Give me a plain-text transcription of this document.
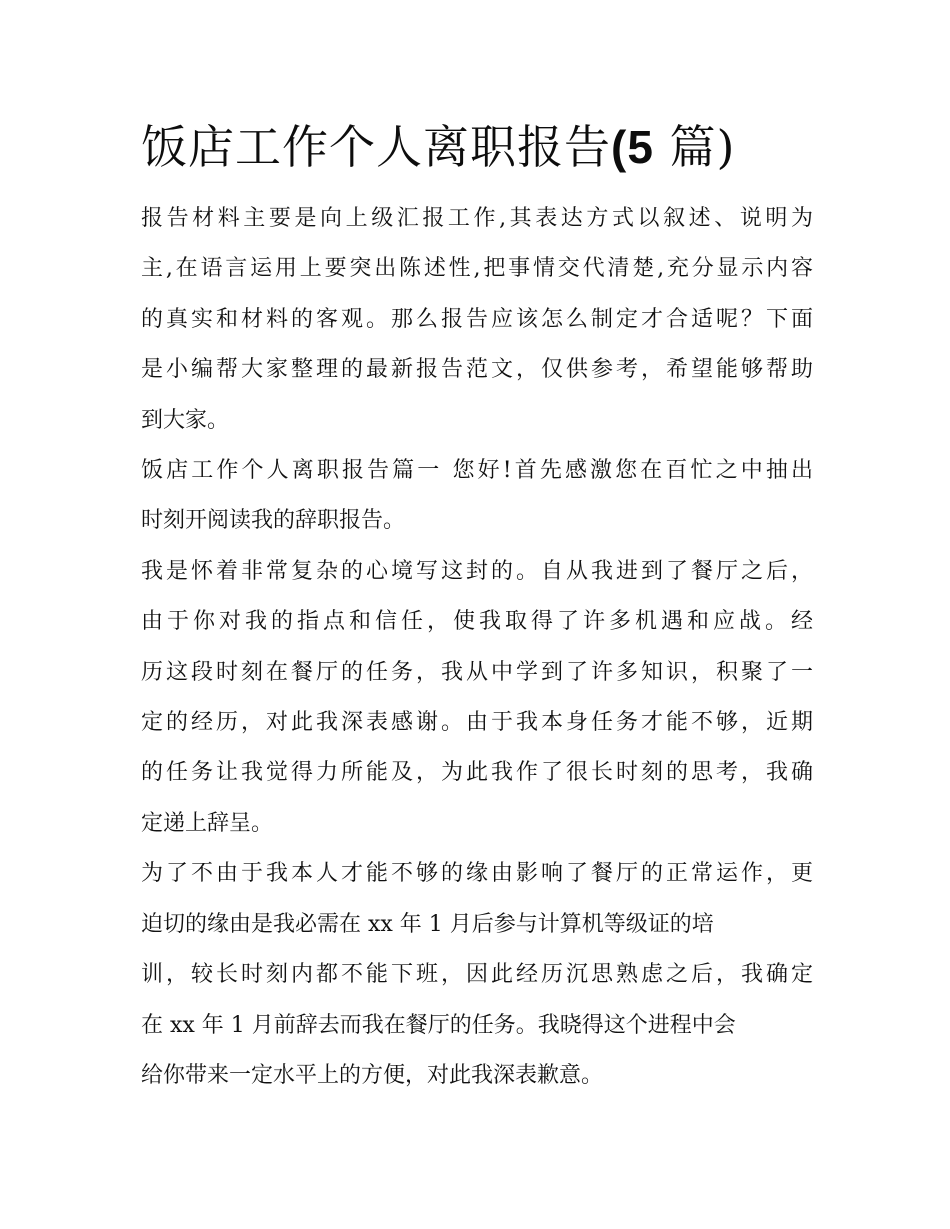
饭店工作个人离职报告(5 篇)

报告材料主要是向上级汇报工作,其表达方式以叙述、说明为
主,在语言运用上要突出陈述性,把事情交代清楚,充分显示内容
的真实和材料的客观。那么报告应该怎么制定才合适呢？下面
是小编帮大家整理的最新报告范文，仅供参考，希望能够帮助
到大家。

饭店工作个人离职报告篇一 您好!首先感激您在百忙之中抽出
时刻开阅读我的辞职报告。

我是怀着非常复杂的心境写这封的。自从我进到了餐厅之后，
由于你对我的指点和信任，使我取得了许多机遇和应战。经
历这段时刻在餐厅的任务，我从中学到了许多知识，积聚了一
定的经历，对此我深表感谢。由于我本身任务才能不够，近期
的任务让我觉得力所能及，为此我作了很长时刻的思考，我确
定递上辞呈。

为了不由于我本人才能不够的缘由影响了餐厅的正常运作，更
迫切的缘由是我必需在 xx 年 1 月后参与计算机等级证的培
训，较长时刻内都不能下班，因此经历沉思熟虑之后，我确定
在 xx 年 1 月前辞去而我在餐厅的任务。我晓得这个进程中会
给你带来一定水平上的方便，对此我深表歉意。
